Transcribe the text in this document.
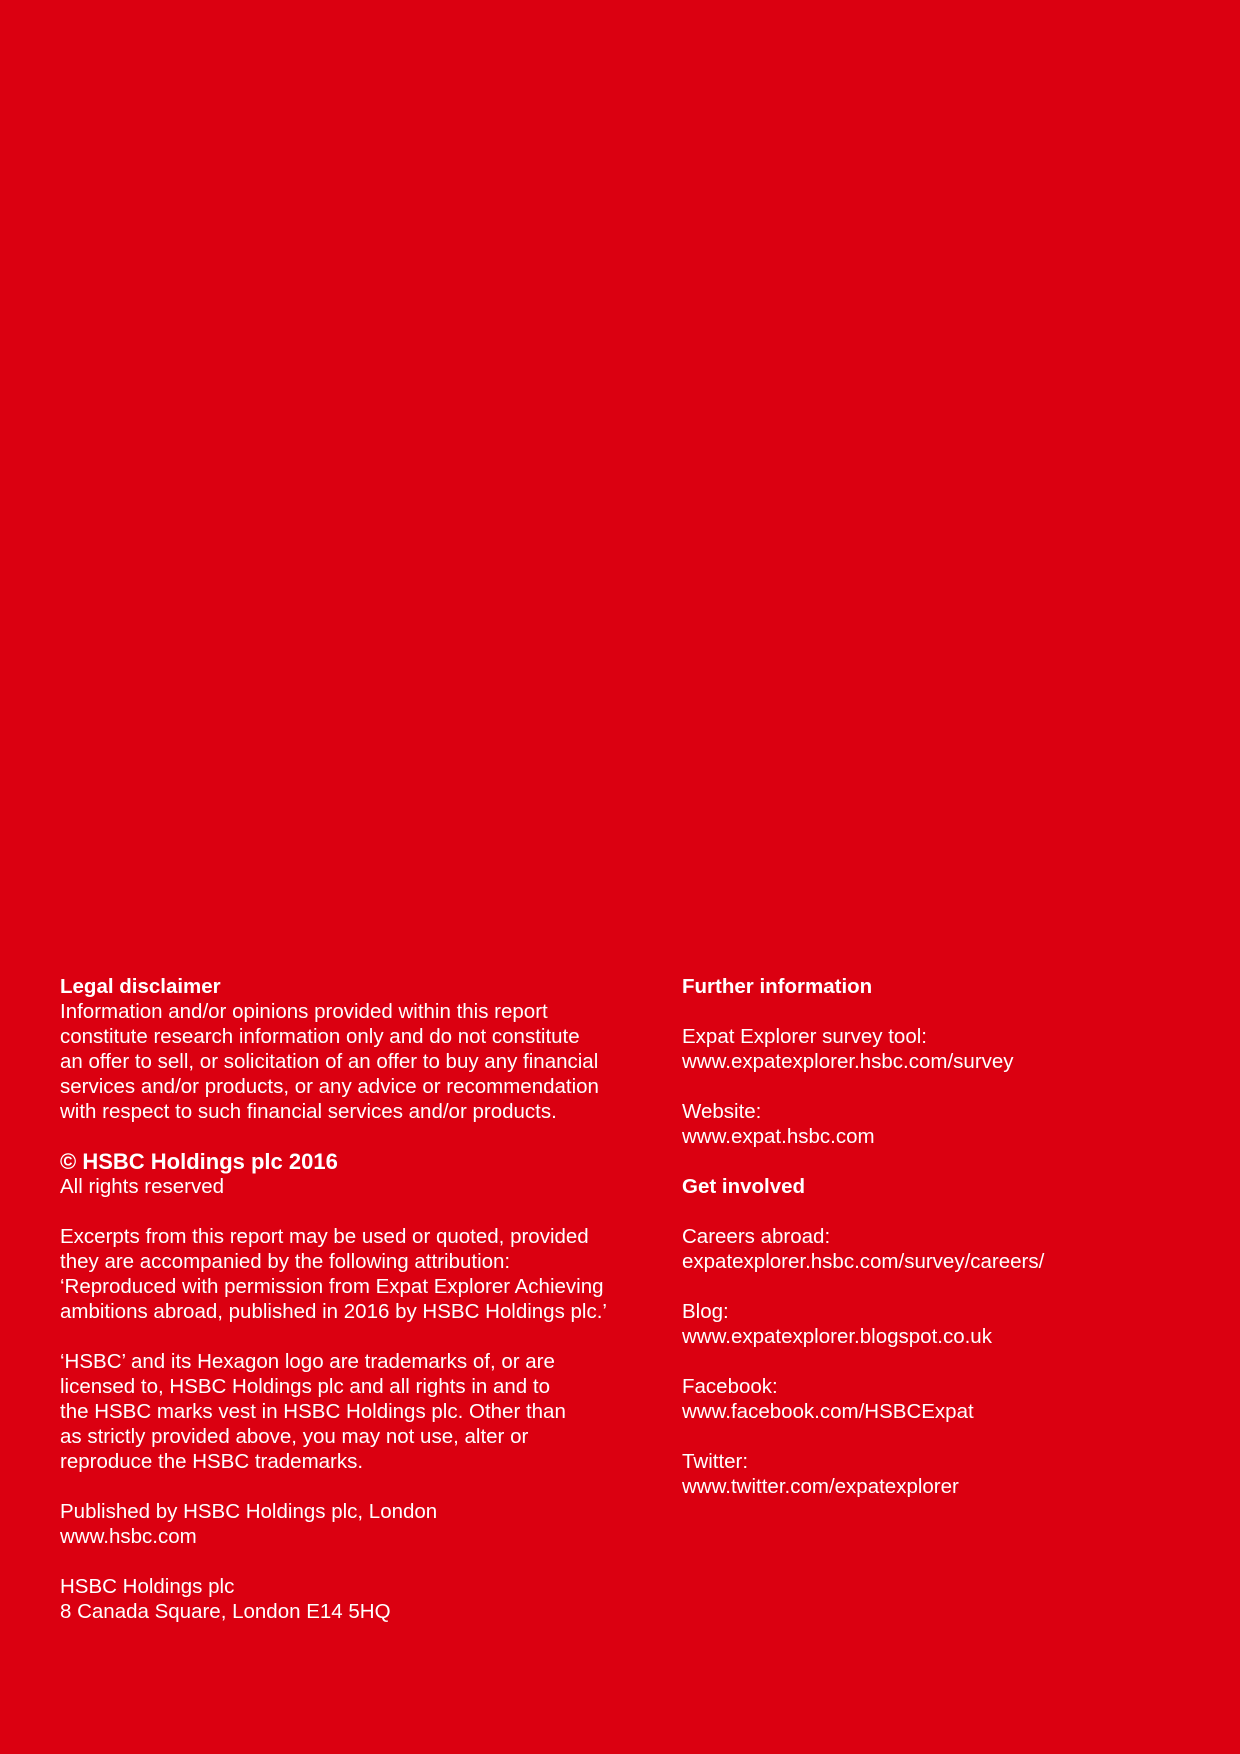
Legal disclaimer
Information and/or opinions provided within this report
constitute research information only and do not constitute
an offer to sell, or solicitation of an offer to buy any financial
services and/or products, or any advice or recommendation
with respect to such financial services and/or products.
© HSBC Holdings plc 2016

All rights reserved

Excerpts from this report may be used or quoted, provided
they are accompanied by the following attribution:
‘Reproduced with permission from Expat Explorer Achieving
ambitions abroad, published in 2016 by HSBC Holdings plc.’
‘HSBC’ and its Hexagon logo are trademarks of, or are
licensed to, HSBC Holdings plc and all rights in and to
the HSBC marks vest in HSBC Holdings plc. Other than
as strictly provided above, you may not use, alter or
reproduce the HSBC trademarks.

Published by HSBC Holdings plc, London

www.hsbc.com

HSBC Holdings plc

8 Canada Square, London E14 5HQ

Further information

Expat Explorer survey tool:

www.expatexplorer.hsbc.com/survey

Website:

www.expat.hsbc.com
Get involved

Careers abroad:

expatexplorer.hsbc.com/survey/careers/

Blog:

www.expatexplorer.blogspot.co.uk

Facebook:

www.facebook.com/HSBCExpat

Twitter:

www.twitter.com/expatexplorer
